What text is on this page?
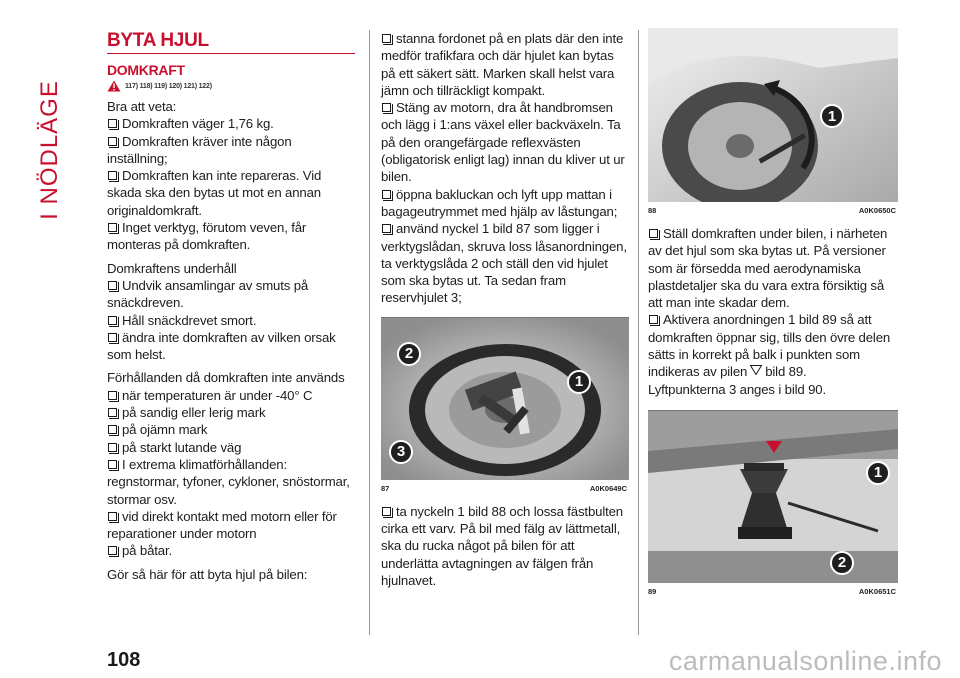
I NÖDLÄGE
BYTA HJUL
DOMKRAFT
117) 118) 119) 120) 121) 122)

Bra att veta:

Domkraften väger 1,76 kg.

Domkraften kräver inte någon inställning;

Domkraften kan inte repareras. Vid skada ska den bytas ut mot en annan originaldomkraft.

Inget verktyg, förutom veven, får monteras på domkraften.

Domkraftens underhåll

Undvik ansamlingar av smuts på snäckdreven.

Håll snäckdrevet smort.

ändra inte domkraften av vilken orsak som helst.

Förhållanden då domkraften inte används

när temperaturen är under -40° C

på sandig eller lerig mark

på ojämn mark

på starkt lutande väg

I extrema klimatförhållanden: regnstormar, tyfoner, cykloner, snöstormar, stormar osv.

vid direkt kontakt med motorn eller för reparationer under motorn

på båtar.

Gör så här för att byta hjul på bilen:

stanna fordonet på en plats där den inte medför trafikfara och där hjulet kan bytas på ett säkert sätt. Marken skall helst vara jämn och tillräckligt kompakt.

Stäng av motorn, dra åt handbromsen och lägg i 1:ans växel eller backväxeln. Ta på den orangefärgade reflexvästen (obligatorisk enligt lag) innan du kliver ut ur bilen.

öppna bakluckan och lyft upp mattan i bagageutrymmet med hjälp av låstungan;

använd nyckel 1 bild 87 som ligger i verktygslådan, skruva loss låsanordningen, ta verktygslåda 2 och ställ den vid hjulet som ska bytas ut. Ta sedan fram reservhjulet 3;

2
1
3
87	A0K0649C

ta nyckeln 1 bild 88 och lossa fästbulten cirka ett varv. På bil med fälg av lättmetall, ska du rucka något på bilen för att underlätta avtagningen av fälgen från hjulnavet.

1
88	A0K0650C

Ställ domkraften under bilen, i närheten av det hjul som ska bytas ut. På versioner som är försedda med aerodynamiska plastdetaljer ska du vara extra försiktig så att man inte skadar dem.

Aktivera anordningen 1 bild 89 så att domkraften öppnar sig, tills den övre delen sätts in korrekt på balk i punkten som indikeras av pilen bild 89.

Lyftpunkterna 3 anges i bild 90.

1
2
89	A0K0651C
108	carmanualsonline.info
